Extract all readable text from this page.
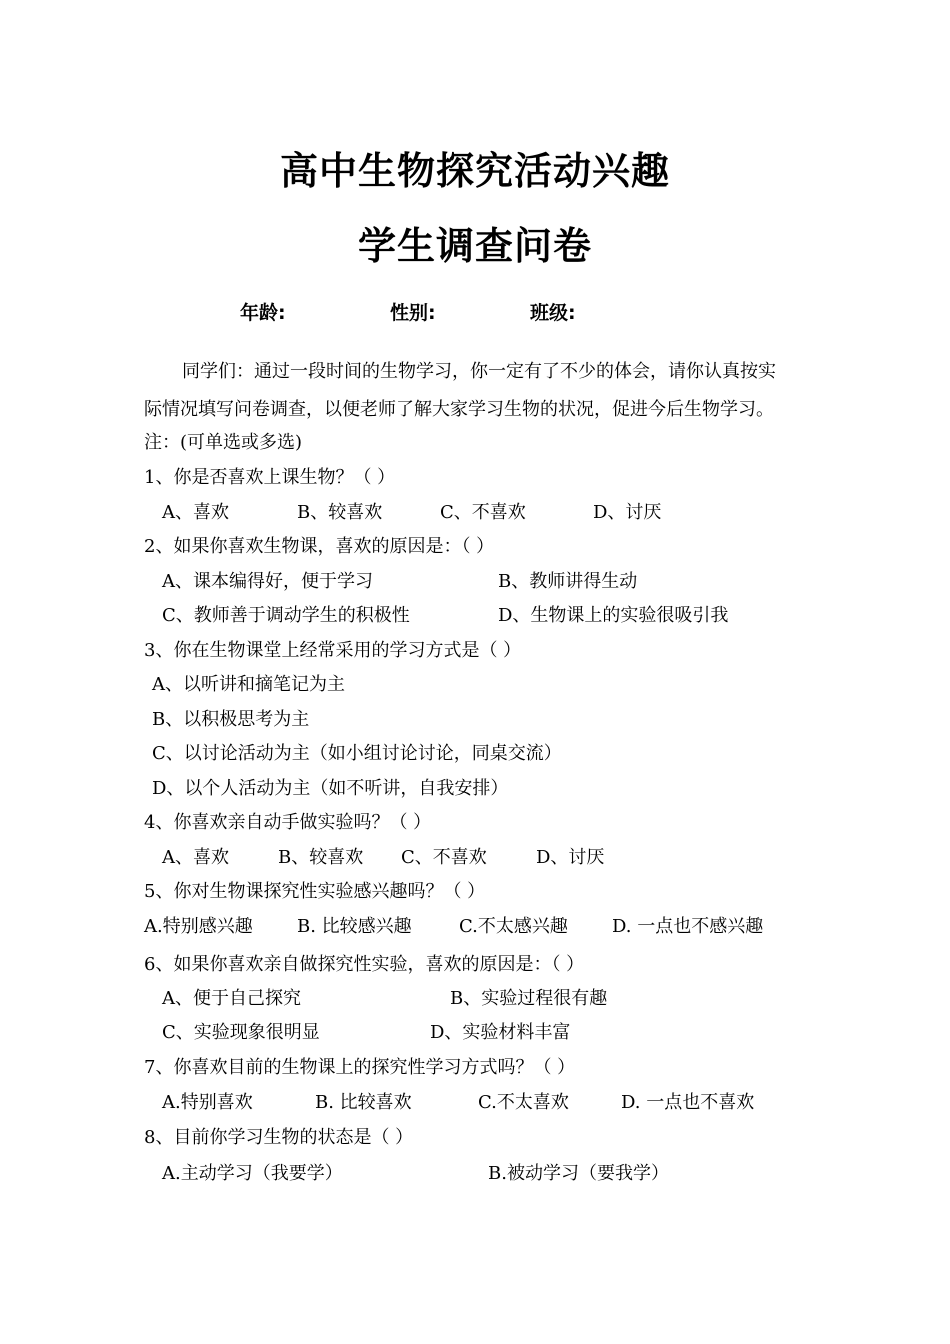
高中生物探究活动兴趣
学生调查问卷
年龄:	性别:	班级:
同学们：通过一段时间的生物学习，你一定有了不少的体会，请你认真按实
际情况填写问卷调查，以便老师了解大家学习生物的状况，促进今后生物学习。
注：(可单选或多选)
1、你是否喜欢上课生物？（ ）
A、喜欢	B、较喜欢	C、不喜欢	D、讨厌
2、如果你喜欢生物课，喜欢的原因是：（ ）
A、课本编得好，便于学习	B、教师讲得生动
C、教师善于调动学生的积极性	D、生物课上的实验很吸引我
3、你在生物课堂上经常采用的学习方式是（ ）
A、以听讲和摘笔记为主
B、以积极思考为主
C、以讨论活动为主（如小组讨论讨论，同桌交流）
D、以个人活动为主（如不听讲，自我安排）
4、你喜欢亲自动手做实验吗？（ ）
A、喜欢	B、较喜欢 C、不喜欢	D、讨厌
5、你对生物课探究性实验感兴趣吗？（ ）
A.特别感兴趣 B. 比较感兴趣	C.不太感兴趣 D. 一点也不感兴趣
6、如果你喜欢亲自做探究性实验，喜欢的原因是：（ ）
A、便于自己探究	B、实验过程很有趣
C、实验现象很明显	D、实验材料丰富
7、你喜欢目前的生物课上的探究性学习方式吗？（ ）
A.特别喜欢	B. 比较喜欢	C.不太喜欢	D. 一点也不喜欢
8、目前你学习生物的状态是（ ）
A.主动学习（我要学）	B.被动学习（要我学）
